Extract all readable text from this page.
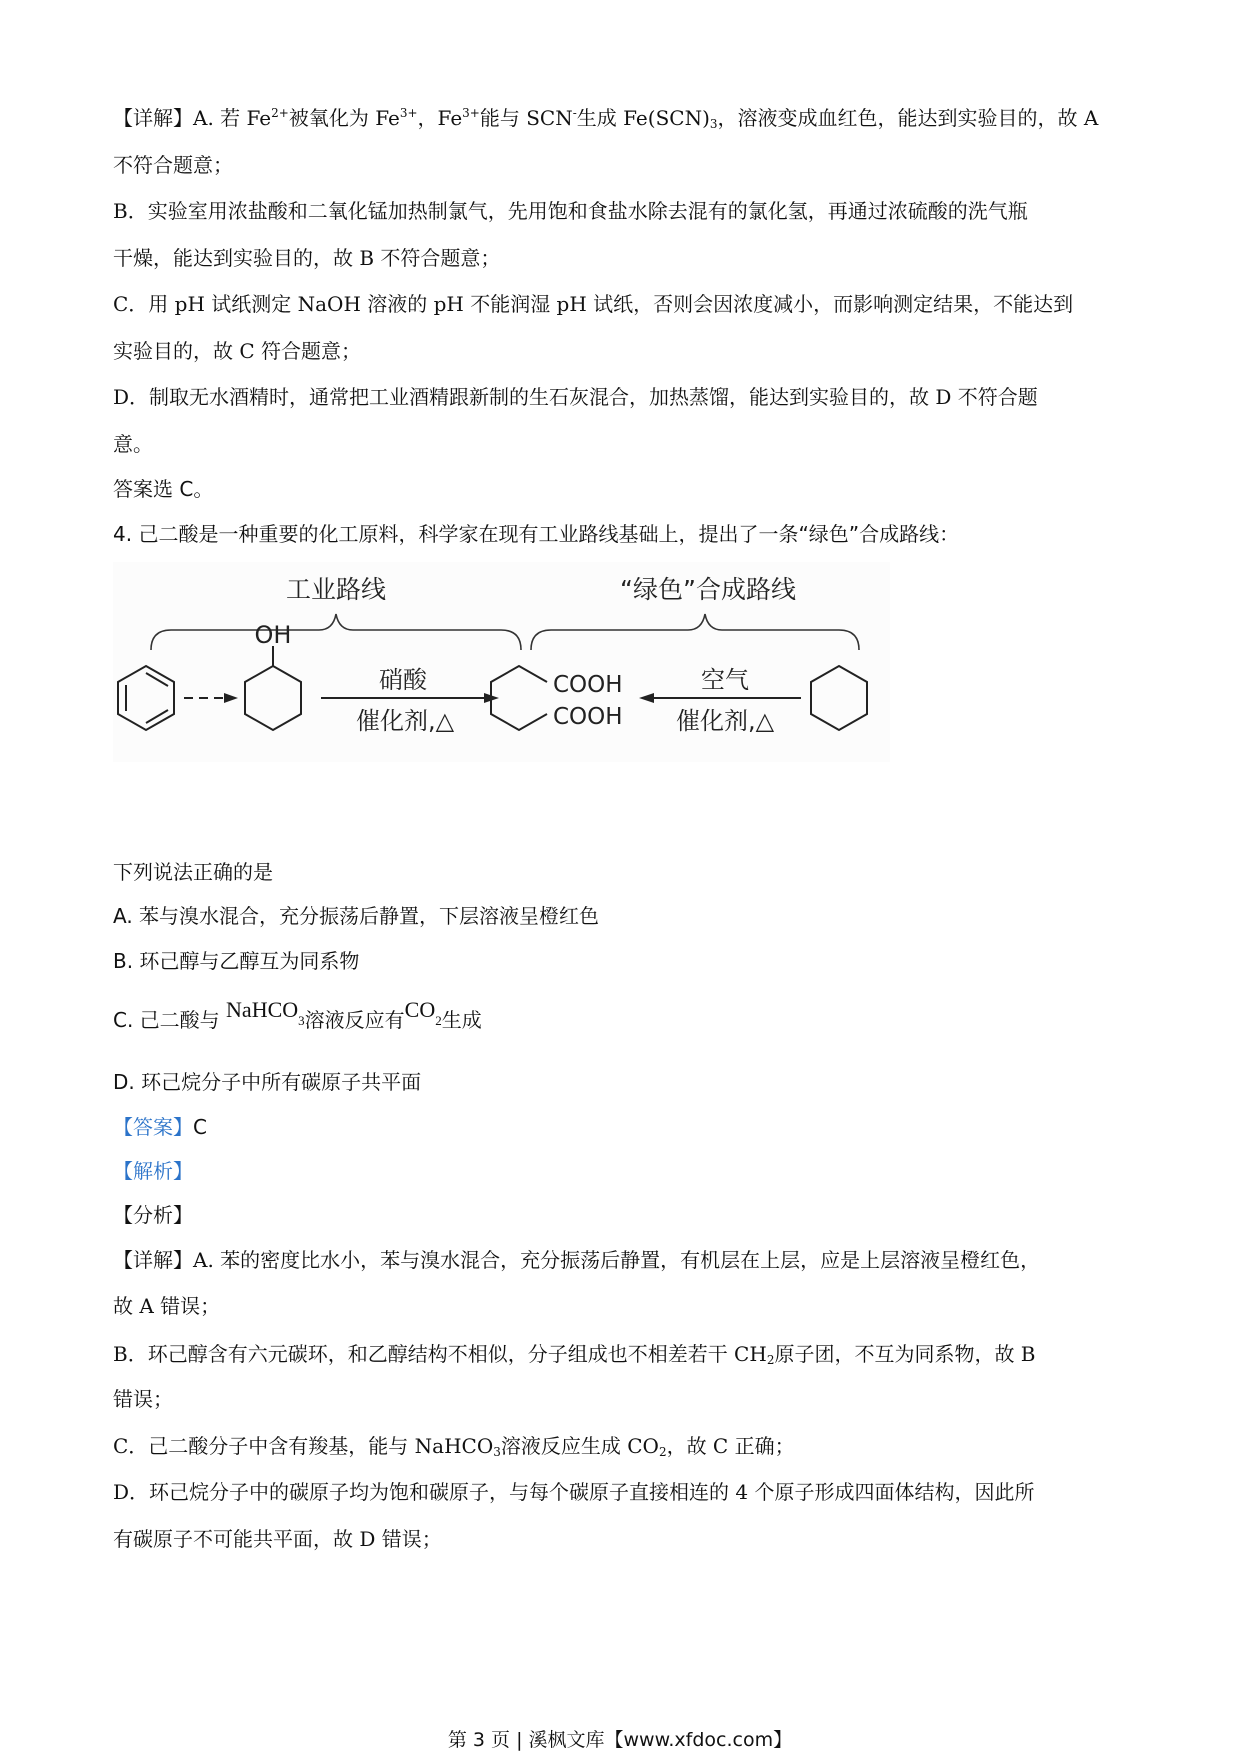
【详解】A. 若 $Fe^{2+}$被氧化为 $Fe^{3+}$，$Fe^{3+}$能与 SCN-生成 $Fe(SCN)_3$，溶液变成血红色，能达到实验目的，故 A
不符合题意；
B．实验室用浓盐酸和二氧化锰加热制氯气，先用饱和食盐水除去混有的氯化氢，再通过浓硫酸的洗气瓶
干燥，能达到实验目的，故 B 不符合题意；
C．用 pH 试纸测定 NaOH 溶液的 pH 不能润湿 pH 试纸，否则会因浓度减小，而影响测定结果，不能达到
实验目的，故 C 符合题意；
D．制取无水酒精时，通常把工业酒精跟新制的生石灰混合，加热蒸馏，能达到实验目的，故 D 不符合题
意。
答案选 C。
4. 己二酸是一种重要的化工原料，科学家在现有工业路线基础上，提出了一条“绿色”合成路线：
工业路线	“绿色”合成路线
OH
硝酸
催化剂,△
COOH
COOH
空气
催化剂,△
下列说法正确的是
A. 苯与溴水混合，充分振荡后静置，下层溶液呈橙红色
B. 环己醇与乙醇互为同系物
C. 己二酸与 NaHCO$_3$溶液反应有$CO_2$生成
D. 环己烷分子中所有碳原子共平面
【答案】C
【解析】
【分析】
【详解】A. 苯的密度比水小，苯与溴水混合，充分振荡后静置，有机层在上层，应是上层溶液呈橙红色，
故 A 错误；
B．环己醇含有六元碳环，和乙醇结构不相似，分子组成也不相差若干 $CH_2$原子团，不互为同系物，故 B
错误；
C．己二酸分子中含有羧基，能与 NaHCO$_3$溶液反应生成 $CO_2$，故 C 正确；
D．环己烷分子中的碳原子均为饱和碳原子，与每个碳原子直接相连的 4 个原子形成四面体结构，因此所
有碳原子不可能共平面，故 D 错误；
第 3 页 | 溪枫文库【www.xfdoc.com】
